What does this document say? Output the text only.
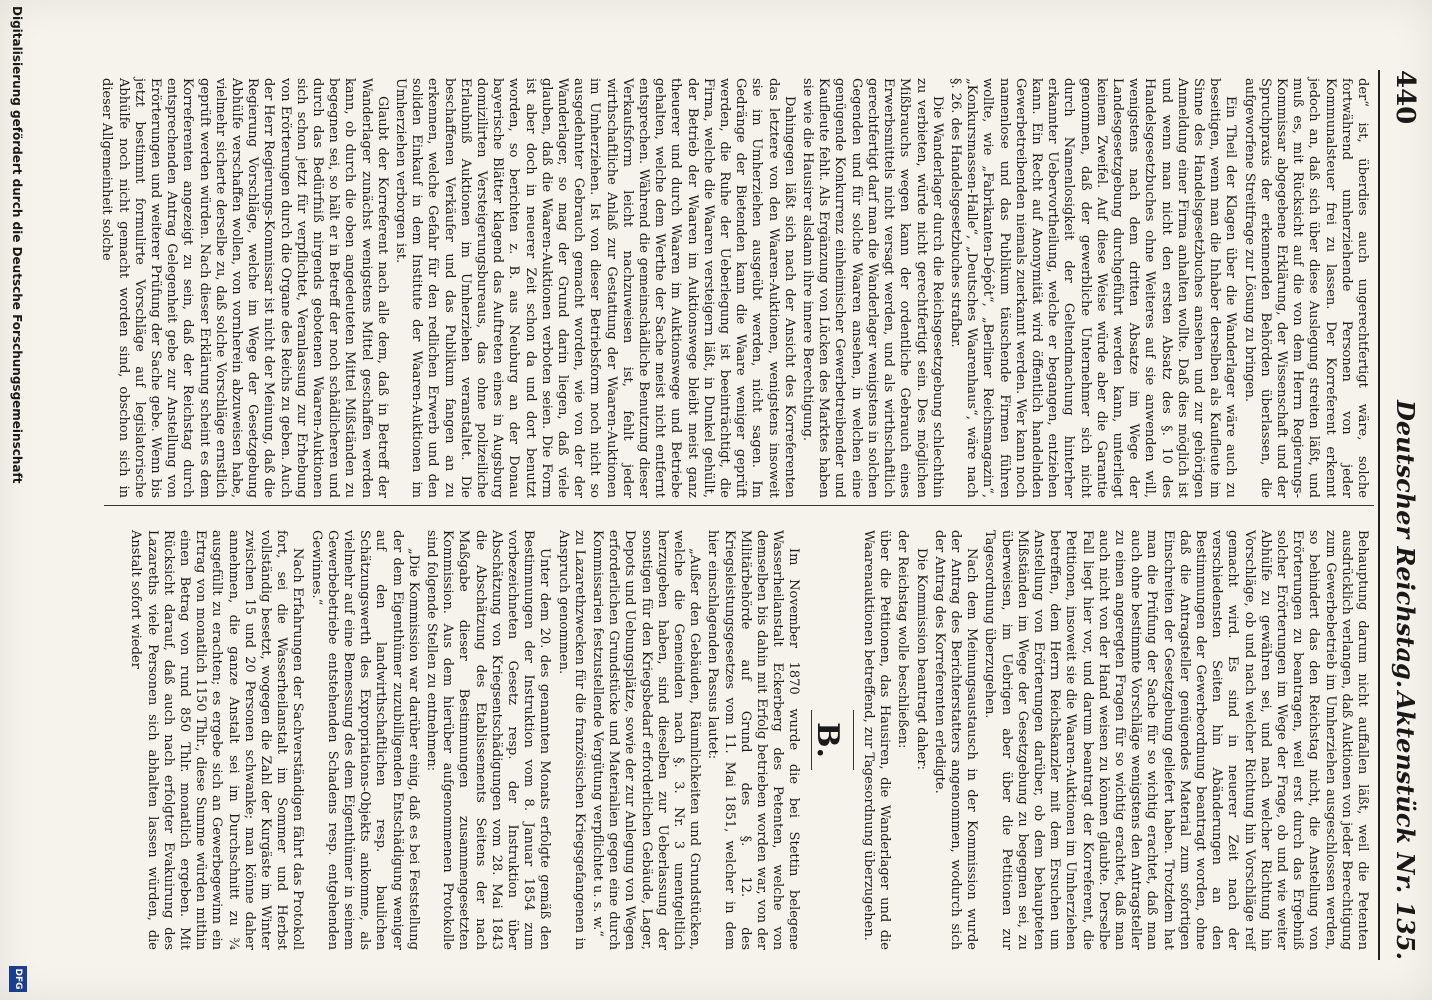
440
Deutscher Reichstag.
Aktenstück Nr. 135.

der“ ist, überdies auch ungerechtfertigt wäre, solche fortwährend umherziehende Personen von jeder Kommunalsteuer frei zu lassen. Der Korreferent erkennt jedoch an, daß sich über diese Auslegung streiten läßt, und muß es, mit Rücksicht auf die von dem Herrn Regierungs-Kommissar abgegebene Erklärung, der Wissenschaft und der Spruchpraxis der erkennenden Behörden überlassen, die aufgeworfene Streitfrage zur Lösung zu bringen.

Ein Theil der Klagen über die Wanderlager wäre auch zu beseitigen, wenn man die Inhaber derselben als Kaufleute im Sinne des Handelsgesetzbuches ansehen und zur gehörigen Anmeldung einer Firma anhalten wollte. Daß dies möglich ist und wenn man nicht den ersten Absatz des §. 10 des Handelsgesetzbuches ohne Weiteres auf sie anwenden will, wenigstens nach dem dritten Absatze im Wege der Landesgesetzgebung durchgeführt werden kann, unterliegt keinem Zweifel. Auf diese Weise würde aber die Garantie genommen, daß der gewerbliche Unternehmer sich nicht durch Namenlosigkeit der Geltendmachung hinterher erkannter Uebervortheilung, welche er begangen, entziehen kann. Ein Recht auf Anonymität wird öffentlich handelnden Gewerbetreibenden niemals zuerkannt werden. Wer kann noch namenlose und das Publikum täuschende Firmen führen wollte, wie „Fabrikanten-Dépôt“, „Berliner Reichsmagazin“, „Konkursmassen-Halle“, „Deutsches Waarenhaus“, wäre nach §. 26. des Handelsgesetzbuches strafbar.

Die Wanderlager durch die Reichsgesetzgebung schlechthin zu verbieten, würde nicht gerechtfertigt sein. Des möglichen Mißbrauchs wegen kann der ordentliche Gebrauch eines Erwerbsmittels nicht versagt werden, und als wirthschaftlich gerechtfertigt darf man die Wanderlager wenigstens in solchen Gegenden und für solche Waaren ansehen, in welchen eine genügende Konkurrenz einheimischer Gewerbetreibender und Kaufleute fehlt. Als Ergänzung von Lücken des Marktes haben sie wie die Hausirer alsdann ihre innere Berechtigung.

Dahingegen läßt sich nach der Ansicht des Korreferenten das letztere von den Waaren-Auktionen, wenigstens insoweit sie im Umherziehen ausgeübt werden, nicht sagen. Im Gedränge der Bietenden kann die Waare weniger geprüft werden, die Ruhe der Ueberlegung ist beeinträchtigt, die Firma, welche die Waaren versteigern läßt, in Dunkel gehüllt, der Betrieb der Waaren im Auktionswege bleibt meist ganz theuerer und durch Waaren im Auktionswege und Betriebe gehalten, welche dem Werthe der Sache meist nicht entfernt entsprechen. Während die gemeinschädliche Benutzung dieser Verkaufsform leicht nachzuweisen ist, fehlt jeder wirthschaftliche Anlaß zur Gestattung der Waaren-Auktionen im Umherziehen. Ist von dieser Betriebsform noch nicht so ausgedehnter Gebrauch gemacht worden, wie von der der Wanderlager, so mag der Grund darin liegen, daß viele glauben, daß die Waaren-Auktionen verboten seien. Die Form ist aber doch in neuerer Zeit schon da und dort benutzt worden, so berichten z. B. aus Neuburg an der Donau bayerische Blätter klagend das Auftreten eines in Augsburg domizilirten Versteigerungsbureaus, das ohne polizeiliche Erlaubniß Auktionen im Umherziehen veranstaltet. Die beschaffenen Verkäufer und das Publikum fangen an zu erkennen, welche Gefahr für den redlichen Erwerb und den soliden Einkauf in dem Institute der Waaren-Auktionen im Umherziehen verborgen ist.

Glaubt der Korreferent nach alle dem, daß in Betreff der Wanderlager zunächst wenigstens Mittel geschaffen werden kann, ob durch die oben angedeuteten Mittel Mißständen zu begegnen sei, so hält er in Betreff der noch schädlicheren und durch das Bedürfniß nirgends gebotenen Waaren-Auktionen sich schon jetzt für verpflichtet, Veranlassung zur Erhebung von Erörterungen durch die Organe des Reichs zu geben. Auch der Herr Regierungs-Kommissar ist nicht der Meinung, daß die Regierung Vorschläge, welche im Wege der Gesetzgebung Abhülfe verschaffen wollen, von vornherein abzuweisen habe, vielmehr sicherte derselbe zu, daß solche Vorschläge ernstlich geprüft werden würden. Nach dieser Erklärung scheint es dem Korreferenten angezeigt zu sein, daß der Reichstag durch entsprechenden Antrag Gelegenheit gebe zur Anstellung von Erörterungen und weiterer Prüfung der Sache gebe. Wenn bis jetzt bestimmt formulirte Vorschläge auf legislatorische Abhülfe noch nicht gemacht worden sind, obschon sich in dieser Allgemeinheit solche

Behauptung darum nicht auffallen läßt, weil die Petenten ausdrücklich verlangen, daß Auktionen von jeder Berechtigung zum Gewerbebetrieb im Umherziehen ausgeschlossen werden, so behindert das den Reichstag nicht, die Anstellung von Erörterungen zu beantragen, weil erst durch das Ergebniß solcher Erörterungen im Wege der Frage, ob und wie weiter Abhülfe zu gewähren sei, und nach welcher Richtung hin Vorschläge, ob und nach welcher Richtung hin Vorschläge reif gemacht wird. Es sind in neuerer Zeit nach der verschiedensten Seiten hin Abänderungen an den Bestimmungen der Gewerbeordnung beantragt worden, ohne daß die Antragsteller genügendes Material zum sofortigen Einschreiten der Gesetzgebung geliefert haben. Trotzdem hat man die Prüfung der Sache für so wichtig erachtet, daß man auch ohne bestimmte Vorschläge wenigstens den Antragsteller zu einen angeregten Fragen für so wichtig erachtet, daß man auch nicht von der Hand weisen zu können glaubte. Derselbe Fall liegt hier vor, und darum beantragt der Korreferent, die Petitionen, insoweit sie die Waaren-Auktionen im Umherziehen betreffen, dem Herrn Reichskanzler mit dem Ersuchen um Anstellung von Erörterungen darüber, ob dem behaupteten Mißständen im Wege der Gesetzgebung zu begegnen sei, zu überweisen, im Uebrigen aber über die Petitionen zur Tagesordnung überzugehen.

Nach dem Meinungsaustausch in der Kommission wurde der Antrag des Berichterstatters angenommen, wodurch sich der Antrag des Korreferenten erledigte.

Die Kommission beantragt daher:

der Reichstag wolle beschließen:

über die Petitionen, das Hausiren, die Wanderlager und die Waarenauktionen betreffend, zur Tagesordnung überzugehen.

B.

Im November 1870 wurde die bei Stettin belegene Wasserheilanstalt Eckerberg des Petenten, welche von demselben bis dahin mit Erfolg betrieben worden war, von der Militärbehörde auf Grund des §. 12. des Kriegsleistungsgesetzes vom 11. Mai 1851, welcher in dem hier einschlagenden Passus lautet:

„Außer den Gebäuden, Räumlichkeiten und Grundstücken, welche die Gemeinden nach §. 3. Nr. 3 unentgeltlich herzugeben haben, sind dieselben zur Ueberlassung der sonstigen für den Kriegsbedarf erforderlichen Gebäude, Lager, Depots und Uebungsplätze, sowie der zur Anlegung von Wegen erforderlichen Grundstücke und Materialien gegen eine durch Kommissarien festzustellende Vergütung verpflichtet u. s. w.“

zu Lazarethzwecken für die französischen Kriegsgefangenen in Anspruch genommen.

Unter dem 20. des genannten Monats erfolgte gemäß den Bestimmungen der Instruktion vom 8. Januar 1854 zum vorbezeichneten Gesetz resp. der Instruktion über Abschätzung von Kriegsentschädigungen vom 28. Mai 1843 die Abschätzung des Etablissements Seitens der nach Maßgabe dieser Bestimmungen zusammengesetzten Kommission. Aus dem hierüber aufgenommenen Protokolle sind folgende Stellen zu entnehmen:

„Die Kommission war darüber einig, daß es bei Feststellung der dem Eigenthümer zuzubilligenden Entschädigung weniger auf den landwirthschaftlichen resp. baulichen Schätzungswerth des Expropriations-Objekts ankomme, als vielmehr auf eine Bemessung des dem Eigenthümer in seinem Gewerbebetriebe entstehenden Schadens resp. entgehenden Gewinnes.“

Nach Erfahrungen der Sachverständigen fährt das Protokoll fort, sei die Wasserheilanstalt im Sommer und Herbst vollständig besetzt, wogegen die Zahl der Kurgäste im Winter zwischen 15 und 20 Personen schwanke; man könne daher annehmen, die ganze Anstalt sei im Durchschnitt zu ¾ ausgefüllt zu erachten; es ergebe sich an Gewerbegewinn ein Ertrag von monatlich 1150 Thlr., diese Summe würden mithin einen Betrag von rund 850 Thlr. monatlich ergeben. Mit Rücksicht darauf, daß auch nach erfolgter Evakuirung des Lazareths viele Personen sich abhalten lassen würden, die Anstalt sofort wieder

Digitalisierung gefördert durch die Deutsche Forschungsgemeinschaft
DFG
